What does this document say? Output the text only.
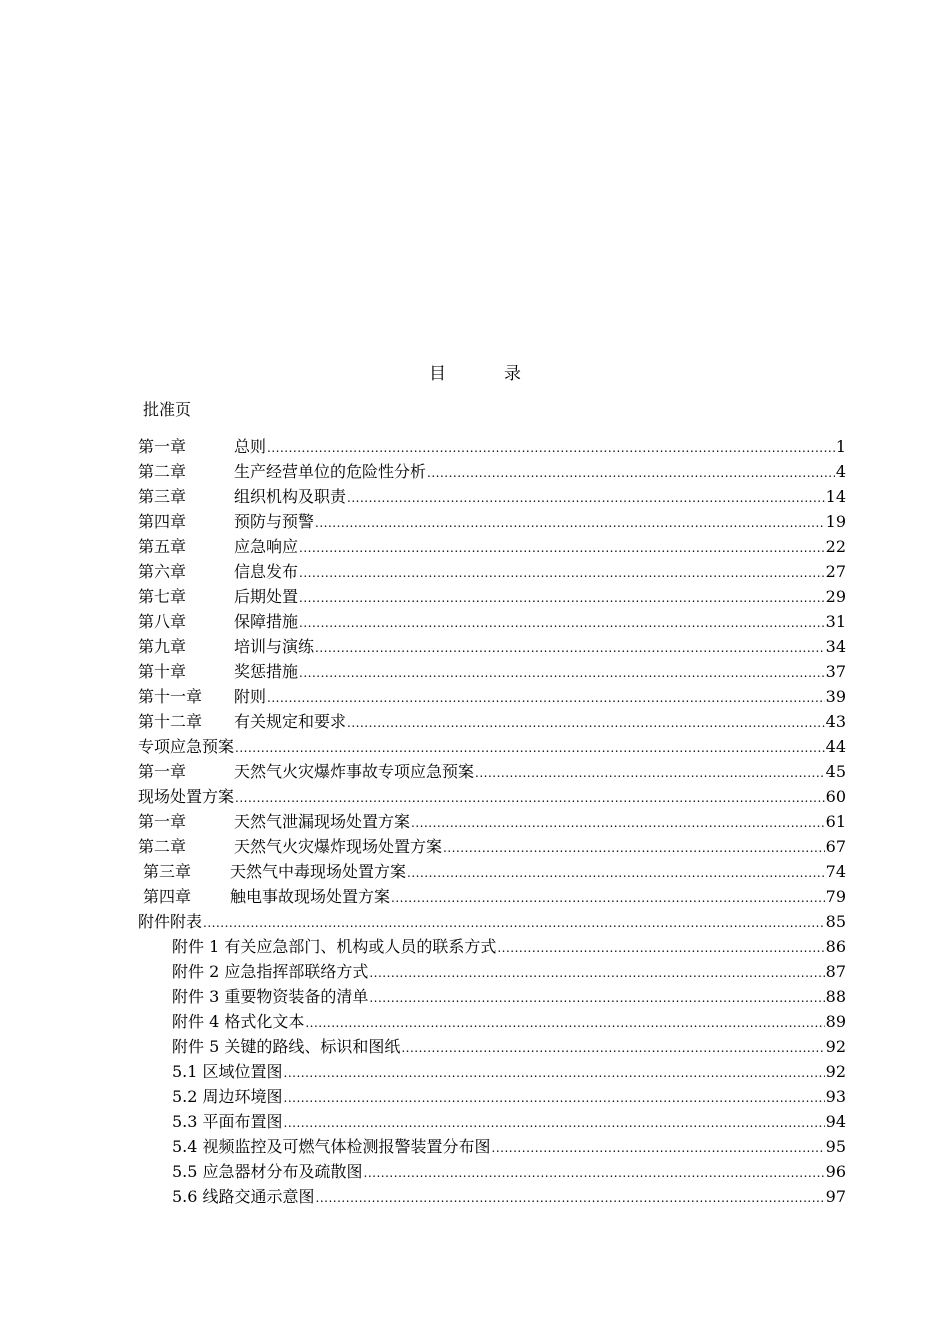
目	录
批准页
第一章	总则 .....	1
第二章	生产经营单位的危险性分析 .....	4
第三章	组织机构及职责 .....	14
第四章	预防与预警 .....	19
第五章	应急响应 .....	22
第六章	信息发布 .....	27
第七章	后期处置 .....	29
第八章	保障措施 .....	31
第九章	培训与演练 .....	34
第十章	奖惩措施 .....	37
第十一章	附则 .....	39
第十二章	有关规定和要求 .....	43
专项应急预案 .....	44
第一章	天然气火灾爆炸事故专项应急预案 .....	45
现场处置方案 .....	60
第一章	天然气泄漏现场处置方案 .....	61
第二章	天然气火灾爆炸现场处置方案 .....	67
第三章	天然气中毒现场处置方案 .....	74
第四章	触电事故现场处置方案 .....	79
附件附表 .....	85
附件 1 有关应急部门、机构或人员的联系方式 .....	86
附件 2 应急指挥部联络方式 .....	87
附件 3 重要物资装备的清单 .....	88
附件 4 格式化文本 .....	89
附件 5 关键的路线、标识和图纸 .....	92
5.1 区域位置图 .....	92
5.2 周边环境图 .....	93
5.3 平面布置图 .....	94
5.4 视频监控及可燃气体检测报警装置分布图 .....	95
5.5 应急器材分布及疏散图 .....	96
5.6 线路交通示意图 .....	97
